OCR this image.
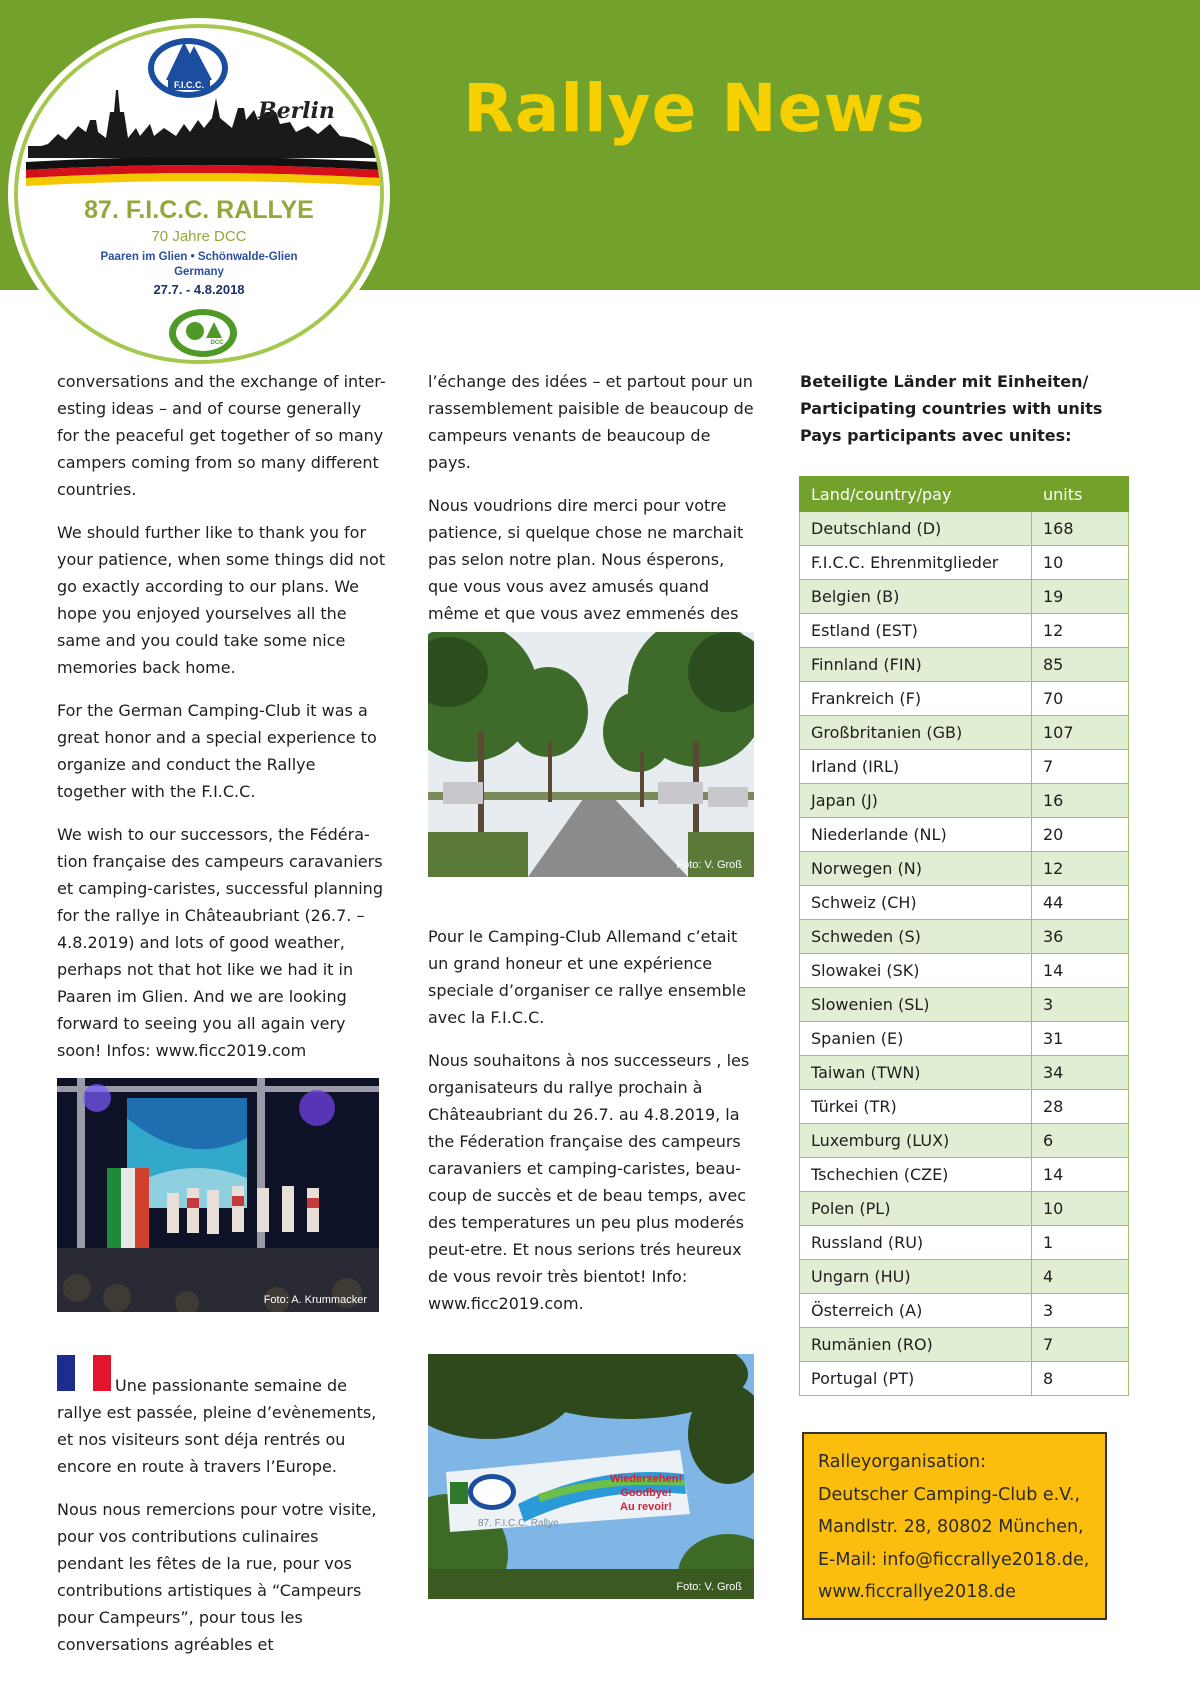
Rallye News
F.I.C.C.
DCC
Berlin
87. F.I.C.C. RALLYE
70 Jahre DCC
Paaren im Glien • Schönwalde-Glien
Germany
27.7. - 4.8.2018

conversations and the exchange of inter-esting ideas – and of course generally for the peaceful get together of so many campers coming from so many different countries.

We should further like to thank you for your patience, when some things did not go exactly according to our plans. We hope you enjoyed yourselves all the same and you could take some nice memories back home.

For the German Camping-Club it was a great honor and a special experience to organize and conduct the Rallye together with the F.I.C.C.

We wish to our successors, the Fédéra-tion française des campeurs caravaniers et camping-caristes, successful planning for the rallye in Châteaubriant (26.7. – 4.8.2019) and lots of good weather, perhaps not that hot like we had it in Paaren im Glien. And we are looking forward to seeing you all again very soon! Infos: www.ficc2019.com

Foto: A. Krummacker

Une passionante semaine de rallye est passée, pleine d’evènements, et nos visiteurs sont déja rentrés ou encore en route à travers l’Europe.

Nous nous remercions pour votre visite, pour vos contributions culinaires pendant les fêtes de la rue, pour vos contributions artistiques à “Campeurs pour Campeurs”, pour tous les conversations agréables et

l’échange des idées – et partout pour un rassemblement paisible de beaucoup de campeurs venants de beaucoup de pays.

Nous voudrions dire merci pour votre patience, si quelque chose ne marchait pas selon notre plan. Nous ésperons, que vous vous avez amusés quand même et que vous avez emmenés des

Foto: V. Groß

Pour le Camping-Club Allemand c’etait un grand honeur et une expérience speciale d’organiser ce rallye ensemble avec la F.I.C.C.

Nous souhaitons à nos successeurs , les organisateurs du rallye prochain à Châteaubriant du 26.7. au 4.8.2019, la the Féderation française des campeurs caravaniers et camping-caristes, beau-coup de succès et de beau temps, avec des temperatures un peu plus moderés peut-etre. Et nous serions trés heureux de vous revoir très bientot! Info: www.ficc2019.com.

Wiedersehen!
Goodbye!
Au revoir!
87. F.I.C.C. Rallye
Foto: V. Groß
Beteiligte Länder mit Einheiten/
Participating countries with units
Pays participants avec unites:
Land/country/pay	units
Deutschland (D)	168
F.I.C.C. Ehrenmitglieder	10
Belgien (B)	19
Estland (EST)	12
Finnland (FIN)	85
Frankreich (F)	70
Großbritanien (GB)	107
Irland (IRL)	7
Japan (J)	16
Niederlande (NL)	20
Norwegen (N)	12
Schweiz (CH)	44
Schweden (S)	36
Slowakei (SK)	14
Slowenien (SL)	3
Spanien (E)	31
Taiwan (TWN)	34
Türkei (TR)	28
Luxemburg (LUX)	6
Tschechien (CZE)	14
Polen (PL)	10
Russland (RU)	1
Ungarn (HU)	4
Österreich (A)	3
Rumänien (RO)	7
Portugal (PT)	8
Ralleyorganisation:
Deutscher Camping-Club e.V.,
Mandlstr. 28, 80802 München,
E-Mail: info@ficcrallye2018.de,
www.ficcrallye2018.de
